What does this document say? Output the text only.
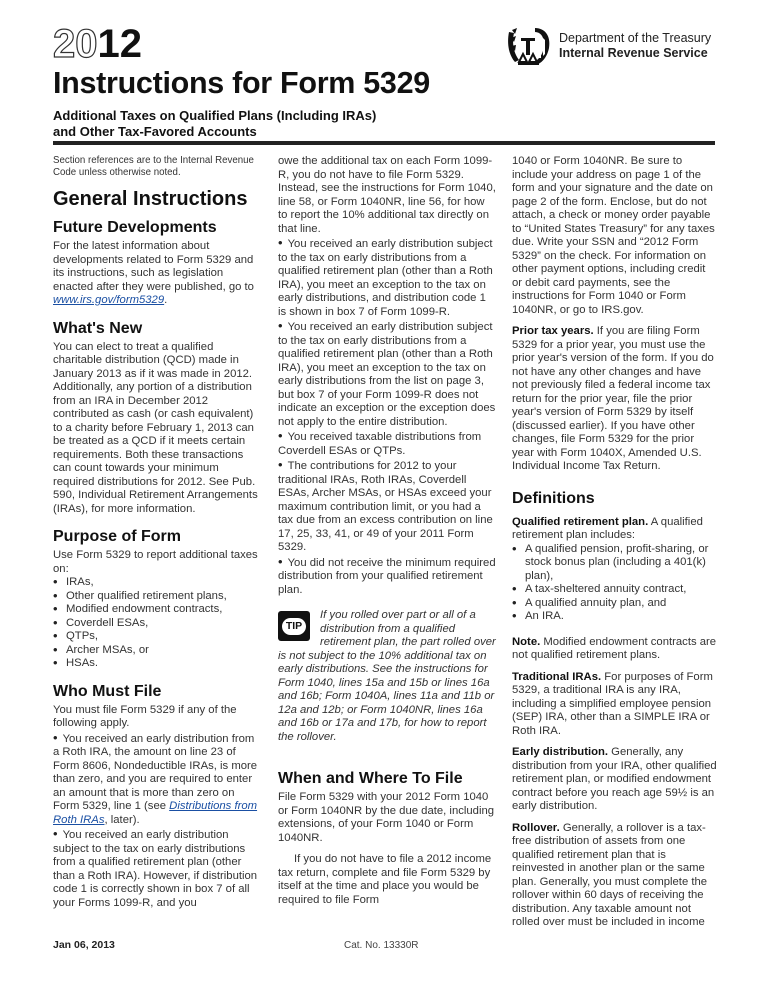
2012	Department of the Treasury
Internal Revenue Service
Instructions for Form 5329
Additional Taxes on Qualified Plans (Including IRAs)
and Other Tax-Favored Accounts

Section references are to the Internal Revenue Code unless otherwise noted.

General Instructions
Future Developments

For the latest information about developments related to Form 5329 and its instructions, such as legislation enacted after they were published, go to www.irs.gov/form5329.

What's New

You can elect to treat a qualified charitable distribution (QCD) made in January 2013 as if it was made in 2012. Additionally, any portion of a distribution from an IRA in December 2012 contributed as cash (or cash equivalent) to a charity before February 1, 2013 can be treated as a QCD if it meets certain requirements. Both these transactions can count towards your minimum required distributions for 2012. See Pub. 590, Individual Retirement Arrangements (IRAs), for more information.

Purpose of Form

Use Form 5329 to report additional taxes on:

• IRAs,
• Other qualified retirement plans,
• Modified endowment contracts,
• Coverdell ESAs,
• QTPs,
• Archer MSAs, or
• HSAs.
Who Must File

You must file Form 5329 if any of the following apply.

• You received an early distribution from a Roth IRA, the amount on line 23 of Form 8606, Nondeductible IRAs, is more than zero, and you are required to enter an amount that is more than zero on Form 5329, line 1 (see Distributions from Roth IRAs, later).

• You received an early distribution subject to the tax on early distributions from a qualified retirement plan (other than a Roth IRA). However, if distribution code 1 is correctly shown in box 7 of all your Forms 1099-R, and you

owe the additional tax on each Form 1099-R, you do not have to file Form 5329. Instead, see the instructions for Form 1040, line 58, or Form 1040NR, line 56, for how to report the 10% additional tax directly on that line.

• You received an early distribution subject to the tax on early distributions from a qualified retirement plan (other than a Roth IRA), you meet an exception to the tax on early distributions, and distribution code 1 is shown in box 7 of Form 1099-R.

• You received an early distribution subject to the tax on early distributions from a qualified retirement plan (other than a Roth IRA), you meet an exception to the tax on early distributions from the list on page 3, but box 7 of your Form 1099-R does not indicate an exception or the exception does not apply to the entire distribution.

• You received taxable distributions from Coverdell ESAs or QTPs.

• The contributions for 2012 to your traditional IRAs, Roth IRAs, Coverdell ESAs, Archer MSAs, or HSAs exceed your maximum contribution limit, or you had a tax due from an excess contribution on line 17, 25, 33, 41, or 49 of your 2011 Form 5329.

• You did not receive the minimum required distribution from your qualified retirement plan.

TIP

If you rolled over part or all of a distribution from a qualified retirement plan, the part rolled over is not subject to the 10% additional tax on early distributions. See the instructions for Form 1040, lines 15a and 15b or lines 16a and 16b; Form 1040A, lines 11a and 11b or 12a and 12b; or Form 1040NR, lines 16a and 16b or 17a and 17b, for how to report the rollover.

When and Where To File

File Form 5329 with your 2012 Form 1040 or Form 1040NR by the due date, including extensions, of your Form 1040 or Form 1040NR.

If you do not have to file a 2012 income tax return, complete and file Form 5329 by itself at the time and place you would be required to file Form

1040 or Form 1040NR. Be sure to include your address on page 1 of the form and your signature and the date on page 2 of the form. Enclose, but do not attach, a check or money order payable to “United States Treasury” for any taxes due. Write your SSN and “2012 Form 5329” on the check. For information on other payment options, including credit or debit card payments, see the instructions for Form 1040 or Form 1040NR, or go to IRS.gov.

Prior tax years. If you are filing Form 5329 for a prior year, you must use the prior year's version of the form. If you do not have any other changes and have not previously filed a federal income tax return for the prior year, file the prior year's version of Form 5329 by itself (discussed earlier). If you have other changes, file Form 5329 for the prior year with Form 1040X, Amended U.S. Individual Income Tax Return.

Definitions

Qualified retirement plan. A qualified retirement plan includes:

• A qualified pension, profit-sharing, or stock bonus plan (including a 401(k) plan),
• A tax-sheltered annuity contract,
• A qualified annuity plan, and
• An IRA.

Note. Modified endowment contracts are not qualified retirement plans.

Traditional IRAs. For purposes of Form 5329, a traditional IRA is any IRA, including a simplified employee pension (SEP) IRA, other than a SIMPLE IRA or Roth IRA.

Early distribution. Generally, any distribution from your IRA, other qualified retirement plan, or modified endowment contract before you reach age 59½ is an early distribution.

Rollover. Generally, a rollover is a tax-free distribution of assets from one qualified retirement plan that is reinvested in another plan or the same plan. Generally, you must complete the rollover within 60 days of receiving the distribution. Any taxable amount not rolled over must be included in income

Jan 06, 2013	Cat. No. 13330R
